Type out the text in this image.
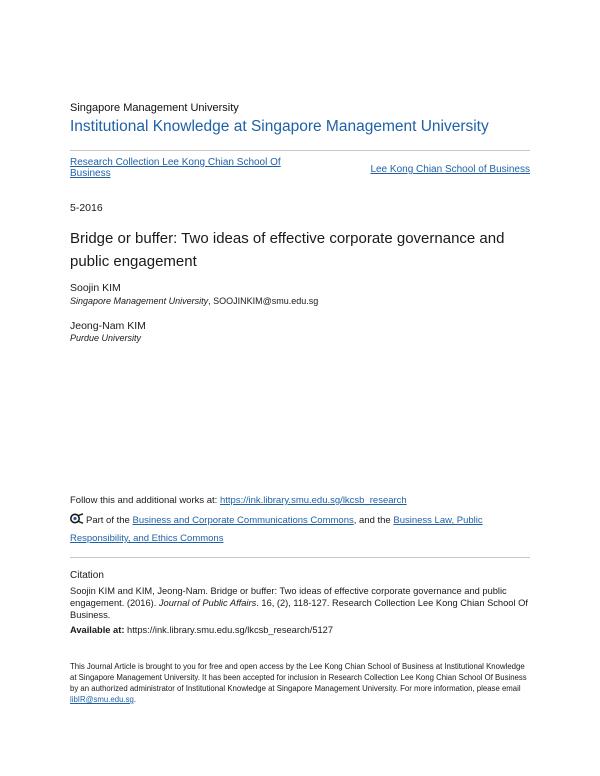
Singapore Management University
Institutional Knowledge at Singapore Management University
Research Collection Lee Kong Chian School Of Business	Lee Kong Chian School of Business
5-2016
Bridge or buffer: Two ideas of effective corporate governance and public engagement
Soojin KIM
Singapore Management University, SOOJINKIM@smu.edu.sg
Jeong-Nam KIM
Purdue University
Follow this and additional works at: https://ink.library.smu.edu.sg/lkcsb_research
Part of the Business and Corporate Communications Commons, and the Business Law, Public Responsibility, and Ethics Commons
Citation
Soojin KIM and KIM, Jeong-Nam. Bridge or buffer: Two ideas of effective corporate governance and public engagement. (2016). Journal of Public Affairs. 16, (2), 118-127. Research Collection Lee Kong Chian School Of Business.
Available at: https://ink.library.smu.edu.sg/lkcsb_research/5127
This Journal Article is brought to you for free and open access by the Lee Kong Chian School of Business at Institutional Knowledge at Singapore Management University. It has been accepted for inclusion in Research Collection Lee Kong Chian School Of Business by an authorized administrator of Institutional Knowledge at Singapore Management University. For more information, please email libIR@smu.edu.sg.
